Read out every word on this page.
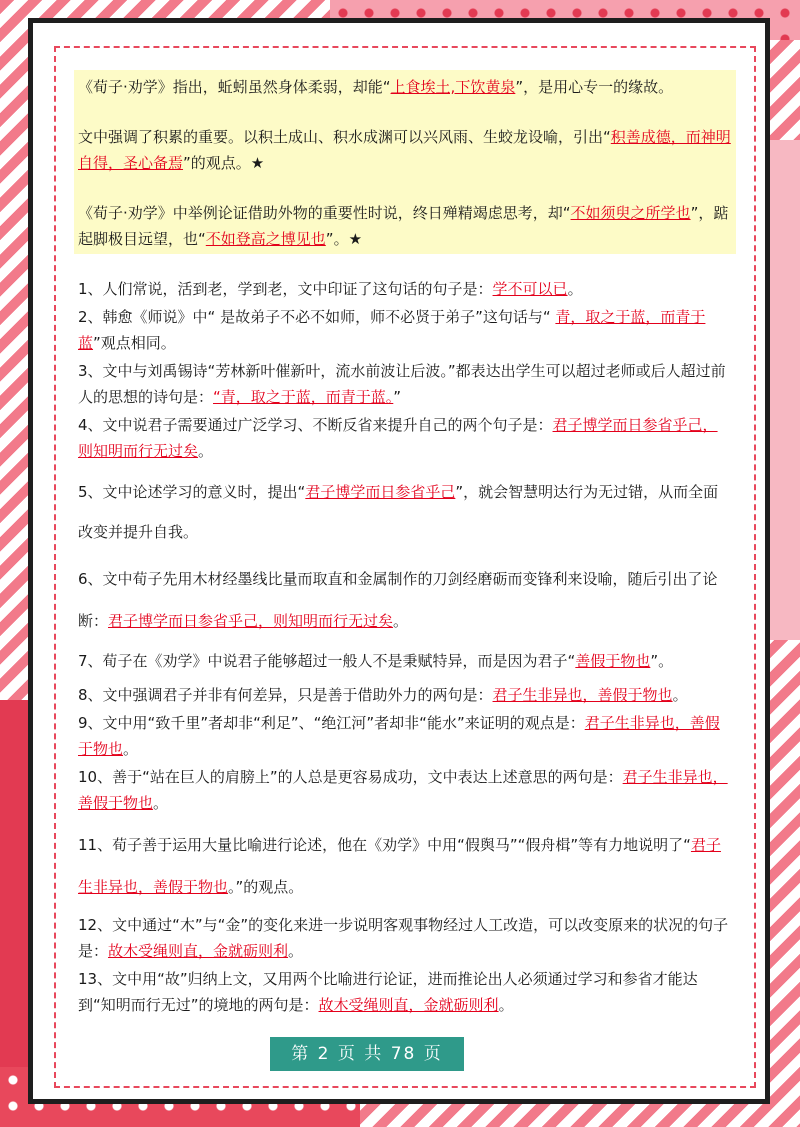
《荀子·劝学》指出，蚯蚓虽然身体柔弱，却能“上食埃土,下饮黄泉”，是用心专一的缘故。

文中强调了积累的重要。以积土成山、积水成渊可以兴风雨、生蛟龙设喻，引出“积善成德，而神明自得，圣心备焉”的观点。★

《荀子·劝学》中举例论证借助外物的重要性时说，终日殚精竭虑思考，却“不如须臾之所学也”，踮起脚极目远望，也“不如登高之博见也”。★

1、人们常说，活到老，学到老，文中印证了这句话的句子是：学不可以已。

2、韩愈《师说》中“ 是故弟子不必不如师，师不必贤于弟子”这句话与“ 青，取之于蓝，而青于蓝”观点相同。

3、文中与刘禹锡诗“芳林新叶催新叶，流水前波让后波。”都表达出学生可以超过老师或后人超过前人的思想的诗句是：“青，取之于蓝，而青于蓝。”

4、文中说君子需要通过广泛学习、不断反省来提升自己的两个句子是：君子博学而日参省乎己，则知明而行无过矣。

5、文中论述学习的意义时，提出“君子博学而日参省乎己”，就会智慧明达行为无过错，从而全面改变并提升自我。

6、文中荀子先用木材经墨线比量而取直和金属制作的刀剑经磨砺而变锋利来设喻，随后引出了论断：君子博学而日参省乎己，则知明而行无过矣。

7、荀子在《劝学》中说君子能够超过一般人不是秉赋特异，而是因为君子“善假于物也”。

8、文中强调君子并非有何差异，只是善于借助外力的两句是：君子生非异也，善假于物也。

9、文中用“致千里”者却非“利足”、“绝江河”者却非“能水”来证明的观点是：君子生非异也，善假于物也。

10、善于“站在巨人的肩膀上”的人总是更容易成功，文中表达上述意思的两句是：君子生非异也，善假于物也。

11、荀子善于运用大量比喻进行论述，他在《劝学》中用“假舆马”“假舟楫”等有力地说明了“君子生非异也，善假于物也。”的观点。

12、文中通过“木”与“金”的变化来进一步说明客观事物经过人工改造，可以改变原来的状况的句子是：故木受绳则直，金就砺则利。

13、文中用“故”归纳上文，又用两个比喻进行论证，进而推论出人必须通过学习和参省才能达到“知明而行无过”的境地的两句是：故木受绳则直，金就砺则利。

第 2 页 共 78 页
